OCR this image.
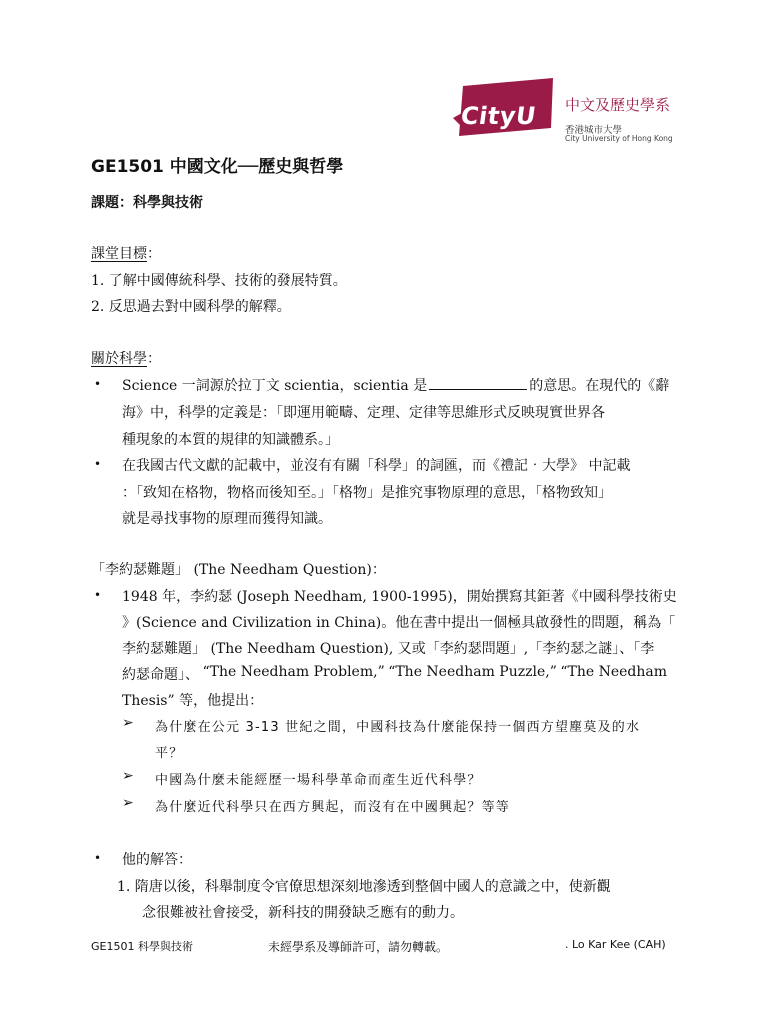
CityU 中文及歷史學系
香港城市大學
City University of Hong Kong
GE1501 中國文化──歷史與哲學
課題：科學與技術
課堂目標：
1. 了解中國傳統科學、技術的發展特質。
2. 反思過去對中國科學的解釋。
關於科學：
• Science 一詞源於拉丁文 scientia，scientia 是	的意思。在現代的《辭
海》中，科學的定義是：「即運用範疇、定理、定律等思維形式反映現實世界各
種現象的本質的規律的知識體系。」
• 在我國古代文獻的記載中，並沒有有關「科學」的詞匯，而《禮記‧大學》 中記載
：「致知在格物，物格而後知至。」「格物」是推究事物原理的意思，「格物致知」
就是尋找事物的原理而獲得知識。
「李約瑟難題」 (The Needham Question)：
• 1948 年，李約瑟 (Joseph Needham, 1900-1995)，開始撰寫其鉅著《中國科學技術史
》(Science and Civilization in China)。他在書中提出一個極具啟發性的問題，稱為「
李約瑟難題」 (The Needham Question), 又或「李約瑟問題」,「李約瑟之謎」、「李
約瑟命題」、 “The Needham Problem,” “The Needham Puzzle,” “The Needham
Thesis” 等，他提出：
➢ 為什麼在公元 3-13 世紀之間，中國科技為什麼能保持一個西方望塵莫及的水
平？
➢ 中國為什麼未能經歷一場科學革命而產生近代科學？
➢ 為什麼近代科學只在西方興起，而沒有在中國興起？等等
• 他的解答：
1. 隋唐以後，科舉制度令官僚思想深刻地滲透到整個中國人的意識之中，使新觀
念很難被社會接受，新科技的開發缺乏應有的動力。
GE1501 科學與技術	未經學系及導師許可，請勿轉載。	. Lo Kar Kee (CAH)
